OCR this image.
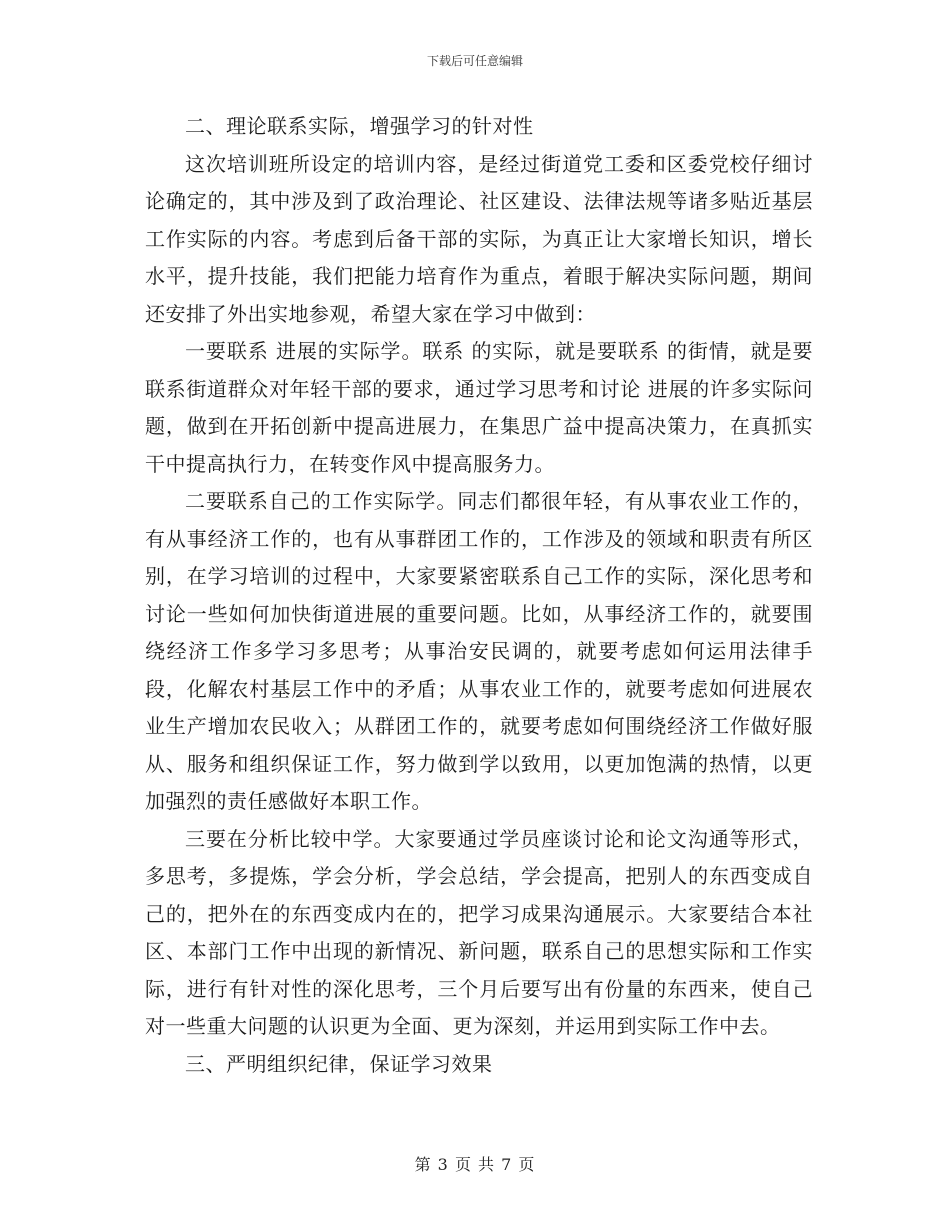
下载后可任意编辑

二、理论联系实际，增强学习的针对性

这次培训班所设定的培训内容，是经过街道党工委和区委党校仔细讨论确定的，其中涉及到了政治理论、社区建设、法律法规等诸多贴近基层工作实际的内容。考虑到后备干部的实际，为真正让大家增长知识，增长水平，提升技能，我们把能力培育作为重点，着眼于解决实际问题，期间还安排了外出实地参观，希望大家在学习中做到：

一要联系 进展的实际学。联系 的实际，就是要联系 的街情，就是要联系街道群众对年轻干部的要求，通过学习思考和讨论 进展的许多实际问题，做到在开拓创新中提高进展力，在集思广益中提高决策力，在真抓实干中提高执行力，在转变作风中提高服务力。

二要联系自己的工作实际学。同志们都很年轻，有从事农业工作的，有从事经济工作的，也有从事群团工作的，工作涉及的领域和职责有所区别，在学习培训的过程中，大家要紧密联系自己工作的实际，深化思考和讨论一些如何加快街道进展的重要问题。比如，从事经济工作的，就要围绕经济工作多学习多思考；从事治安民调的，就要考虑如何运用法律手段，化解农村基层工作中的矛盾；从事农业工作的，就要考虑如何进展农业生产增加农民收入；从群团工作的，就要考虑如何围绕经济工作做好服从、服务和组织保证工作，努力做到学以致用，以更加饱满的热情，以更加强烈的责任感做好本职工作。

三要在分析比较中学。大家要通过学员座谈讨论和论文沟通等形式，多思考，多提炼，学会分析，学会总结，学会提高，把别人的东西变成自己的，把外在的东西变成内在的，把学习成果沟通展示。大家要结合本社区、本部门工作中出现的新情况、新问题，联系自己的思想实际和工作实际，进行有针对性的深化思考，三个月后要写出有份量的东西来，使自己对一些重大问题的认识更为全面、更为深刻，并运用到实际工作中去。

三、严明组织纪律，保证学习效果

第 3 页 共 7 页
